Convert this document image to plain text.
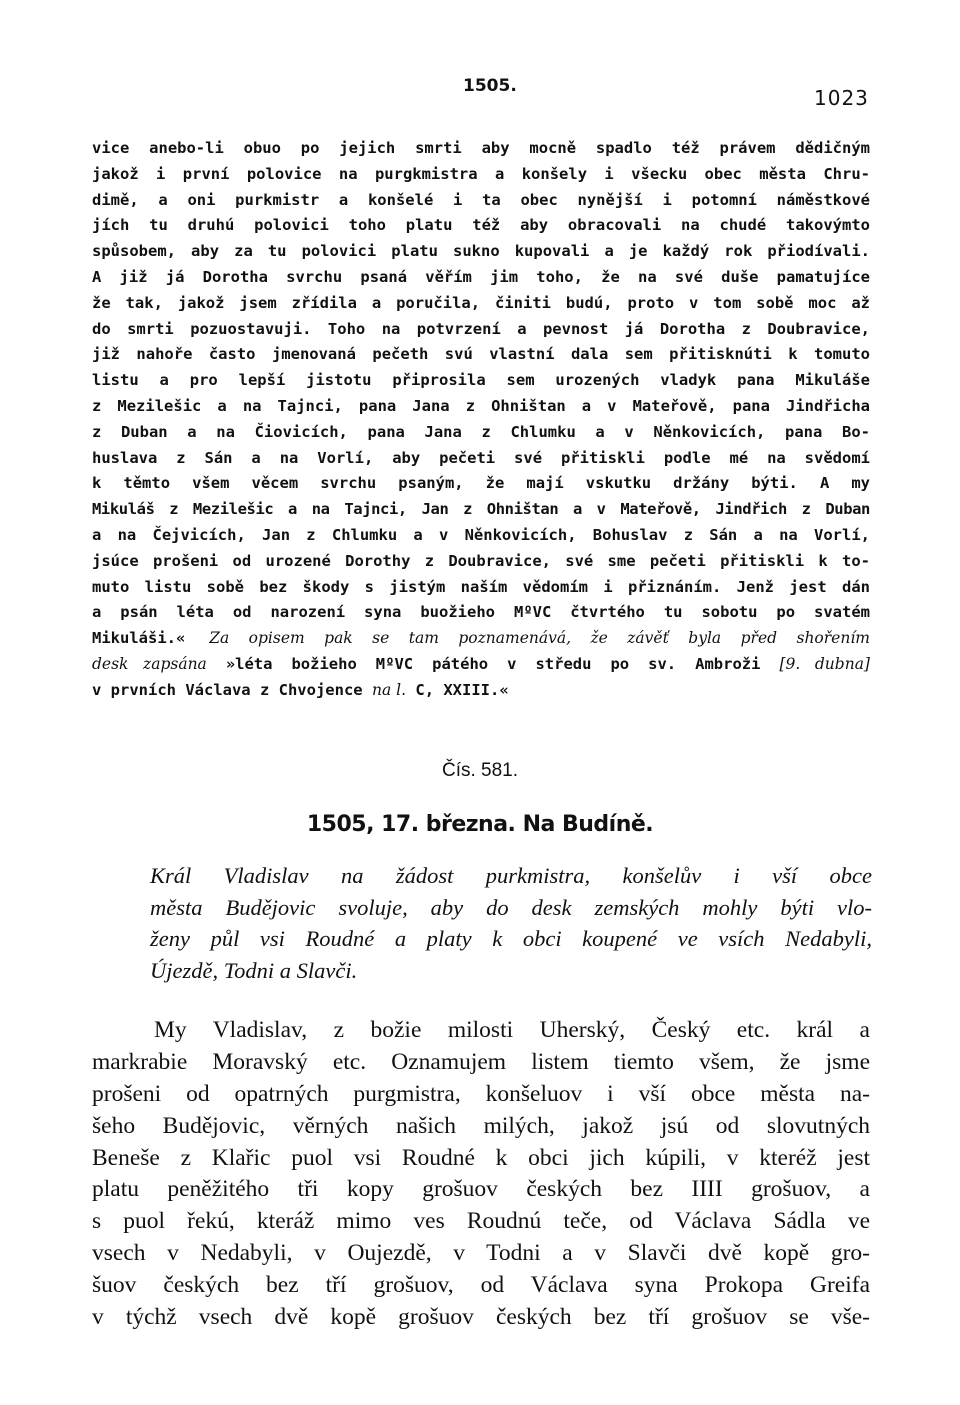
1505.	1023
vice anebo-li obuo po jejich smrti aby mocně spadlo též právem dědičným
jakož i první polovice na purgkmistra a konšely i všecku obec města Chru-
dimě, a oni purkmistr a konšelé i ta obec nynější i potomní náměstkové
jích tu druhú polovici toho platu též aby obracovali na chudé takovýmto
spůsobem, aby za tu polovici platu sukno kupovali a je každý rok přiodívali.
A již já Dorotha svrchu psaná věřím jim toho, že na své duše pamatujíce
že tak, jakož jsem zřídila a poručila, činiti budú, proto v tom sobě moc až
do smrti pozuostavuji. Toho na potvrzení a pevnost já Dorotha z Doubravice,
již nahoře často jmenovaná pečeth svú vlastní dala sem přitisknúti k tomuto
listu a pro lepší jistotu připrosila sem urozených vladyk pana Mikuláše
z Mezilešic a na Tajnci, pana Jana z Ohništan a v Mateřově, pana Jindřicha
z Duban a na Čiovicích, pana Jana z Chlumku a v Něnkovicích, pana Bo-
huslava z Sán a na Vorlí, aby pečeti své přitiskli podle mé na svědomí
k těmto všem věcem svrchu psaným, že mají vskutku držány býti. A my
Mikuláš z Mezilešic a na Tajnci, Jan z Ohništan a v Mateřově, Jindřich z Duban
a na Čejvicích, Jan z Chlumku a v Něnkovicích, Bohuslav z Sán a na Vorlí,
jsúce prošeni od urozené Dorothy z Doubravice, své sme pečeti přitiskli k to-
muto listu sobě bez škody s jistým naším vědomím i přiznáním. Jenž jest dán
a psán léta od narození syna buožieho MºVC čtvrtého tu sobotu po svatém
Mikuláši.« Za opisem pak se tam poznamenává, že závěť byla před shořením
desk zapsána »léta božieho MºVC pátého v středu po sv. Ambroži [9. dubna]
v prvních Václava z Chvojence na l. C, XXIII.«
Čís. 581.
1505, 17. března. Na Budíně.
Král Vladislav na žádost purkmistra, konšelův i vší obce
města Budějovic svoluje, aby do desk zemských mohly býti vlo-
ženy půl vsi Roudné a platy k obci koupené ve vsích Nedabyli,
Újezdě, Todni a Slavči.
My Vladislav, z božie milosti Uherský, Český etc. král a
markrabie Moravský etc. Oznamujem listem tiemto všem, že jsme
prošeni od opatrných purgmistra, konšeluov i vší obce města na-
šeho Budějovic, věrných našich milých, jakož jsú od slovutných
Beneše z Klařic puol vsi Roudné k obci jich kúpili, v kteréž jest
platu peněžitého tři kopy grošuov českých bez IIII grošuov, a
s puol řekú, kteráž mimo ves Roudnú teče, od Václava Sádla ve
vsech v Nedabyli, v Oujezdě, v Todni a v Slavči dvě kopě gro-
šuov českých bez tří grošuov, od Václava syna Prokopa Greifa
v týchž vsech dvě kopě grošuov českých bez tří grošuov se vše-
